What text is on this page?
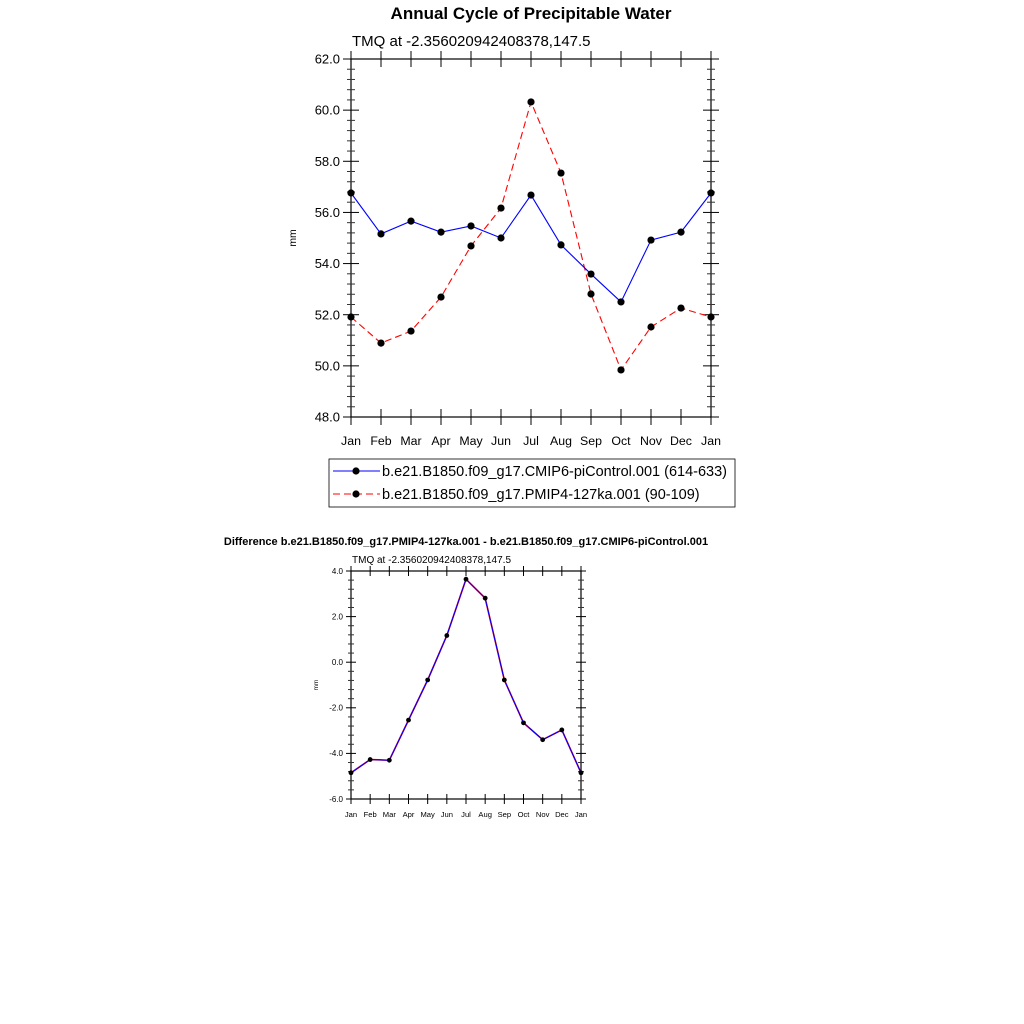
Annual Cycle of Precipitable Water
TMQ at -2.356020942408378,147.5
mm
48.0
50.0
52.0
54.0
56.0
58.0
60.0
62.0
Jan Feb Mar Apr May Jun Jul Aug Sep Oct Nov Dec Jan
b.e21.B1850.f09_g17.CMIP6-piControl.001 (614-633)
b.e21.B1850.f09_g17.PMIP4-127ka.001 (90-109)
Difference b.e21.B1850.f09_g17.PMIP4-127ka.001 - b.e21.B1850.f09_g17.CMIP6-piControl.001
TMQ at -2.356020942408378,147.5
mm
-6.0
-4.0
-2.0
0.0
2.0
4.0
Jan Feb Mar Apr May Jun Jul Aug Sep Oct Nov Dec Jan
